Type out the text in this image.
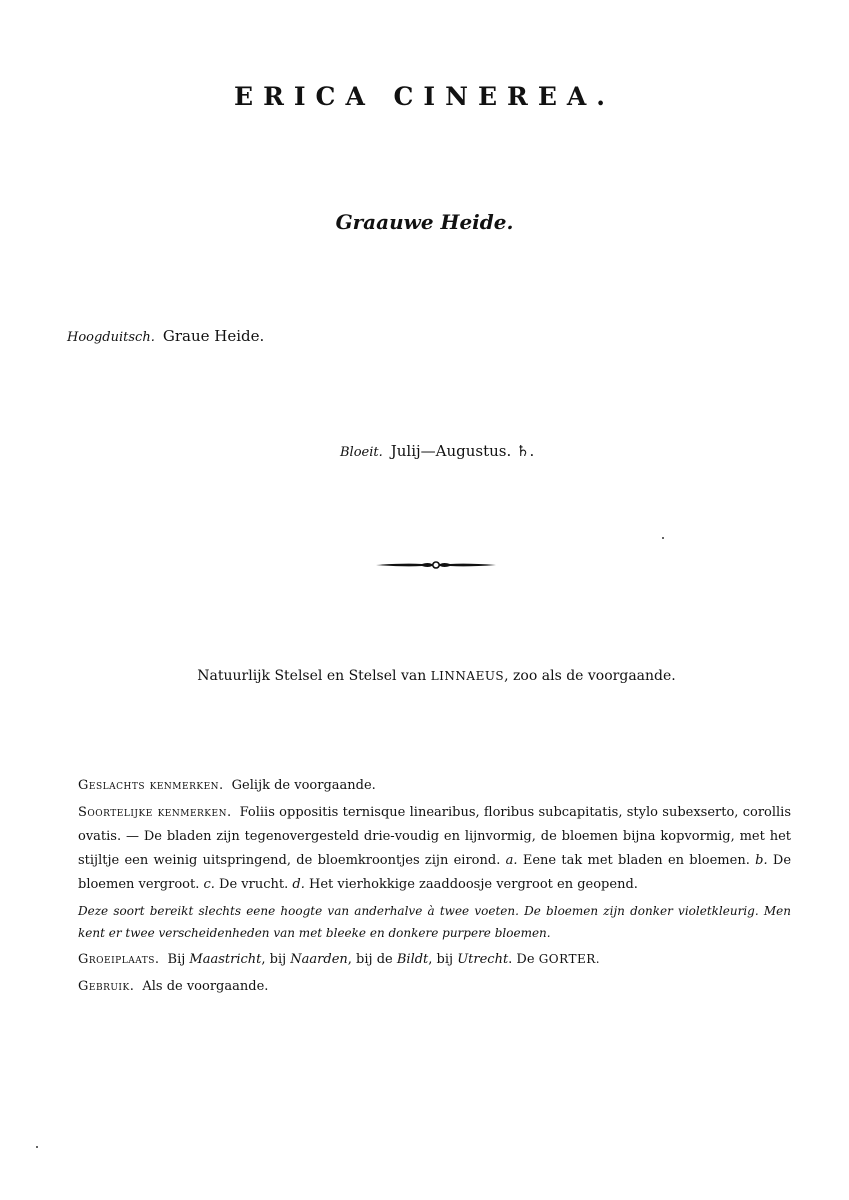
ERICA CINEREA.
Graauwe Heide.
Hoogduitsch. Graue Heide.
Bloeit. Julij—Augustus. ♄.
Natuurlijk Stelsel en Stelsel van LINNAEUS, zoo als de voorgaande.

Geslachts kenmerken. Gelijk de voorgaande.

Soortelijke kenmerken. Foliis oppositis ternisque linearibus, floribus subcapitatis, stylo subexserto, corollis ovatis. — De bladen zijn tegenovergesteld drie-voudig en lijnvormig, de bloemen bijna kopvormig, met het stijltje een weinig uitspringend, de bloemkroontjes zijn eirond. a. Eene tak met bladen en bloemen. b. De bloemen vergroot. c. De vrucht. d. Het vierhokkige zaaddoosje vergroot en geopend.

Deze soort bereikt slechts eene hoogte van anderhalve à twee voeten. De bloemen zijn donker violetkleurig. Men kent er twee verscheidenheden van met bleeke en donkere purpere bloemen.

Groeiplaats. Bij Maastricht, bij Naarden, bij de Bildt, bij Utrecht. De GORTER.

Gebruik. Als de voorgaande.
